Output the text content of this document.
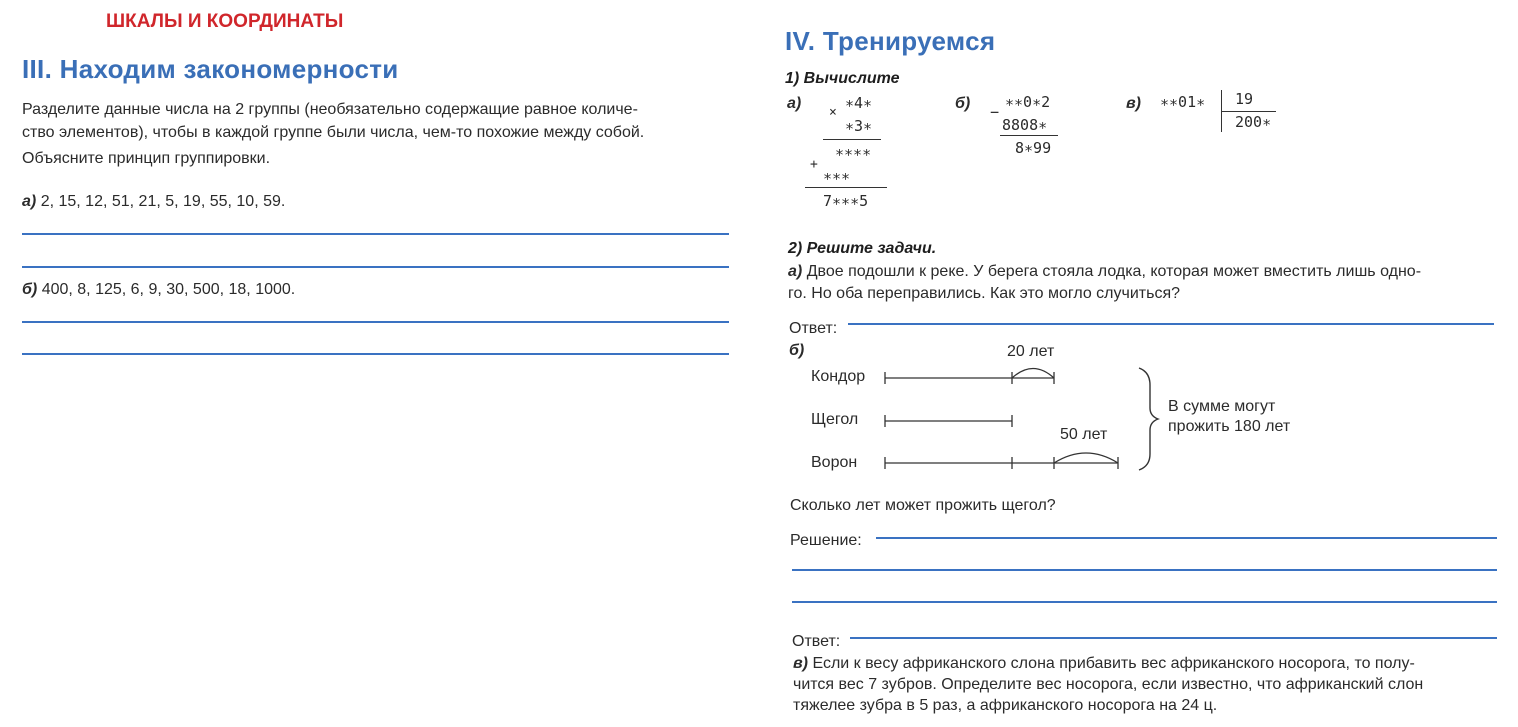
ШКАЛЫ И КООРДИНАТЫ
III. Находим закономерности
Разделите данные числа на 2 группы (необязательно содержащие равное количе-
ство элементов), чтобы в каждой группе были числа, чем-то похожие между собой.
Объясните принцип группировки.
а) 2, 15, 12, 51, 21, 5, 19, 55, 10, 59.
б) 400, 8, 125, 6, 9, 30, 500, 18, 1000.
IV. Тренируемся
1) Вычислите
а)
×
∗4∗
∗3∗
∗∗∗∗
+
∗∗∗
7∗∗∗5
б) −
∗∗0∗2
8808∗
8∗99
в) ∗∗01∗ 19
200∗
2) Решите задачи.
а) Двое подошли к реке. У берега стояла лодка, которая может вместить лишь одно-
го. Но оба переправились. Как это могло случиться?
Ответ:
б)
Кондор
Щегол
Ворон
20 лет
50 лет
В сумме могут
прожить 180 лет
Сколько лет может прожить щегол?
Решение:
Ответ:
в) Если к весу африканского слона прибавить вес африканского носорога, то полу-
чится вес 7 зубров. Определите вес носорога, если известно, что африканский слон
тяжелее зубра в 5 раз, а африканского носорога на 24 ц.
